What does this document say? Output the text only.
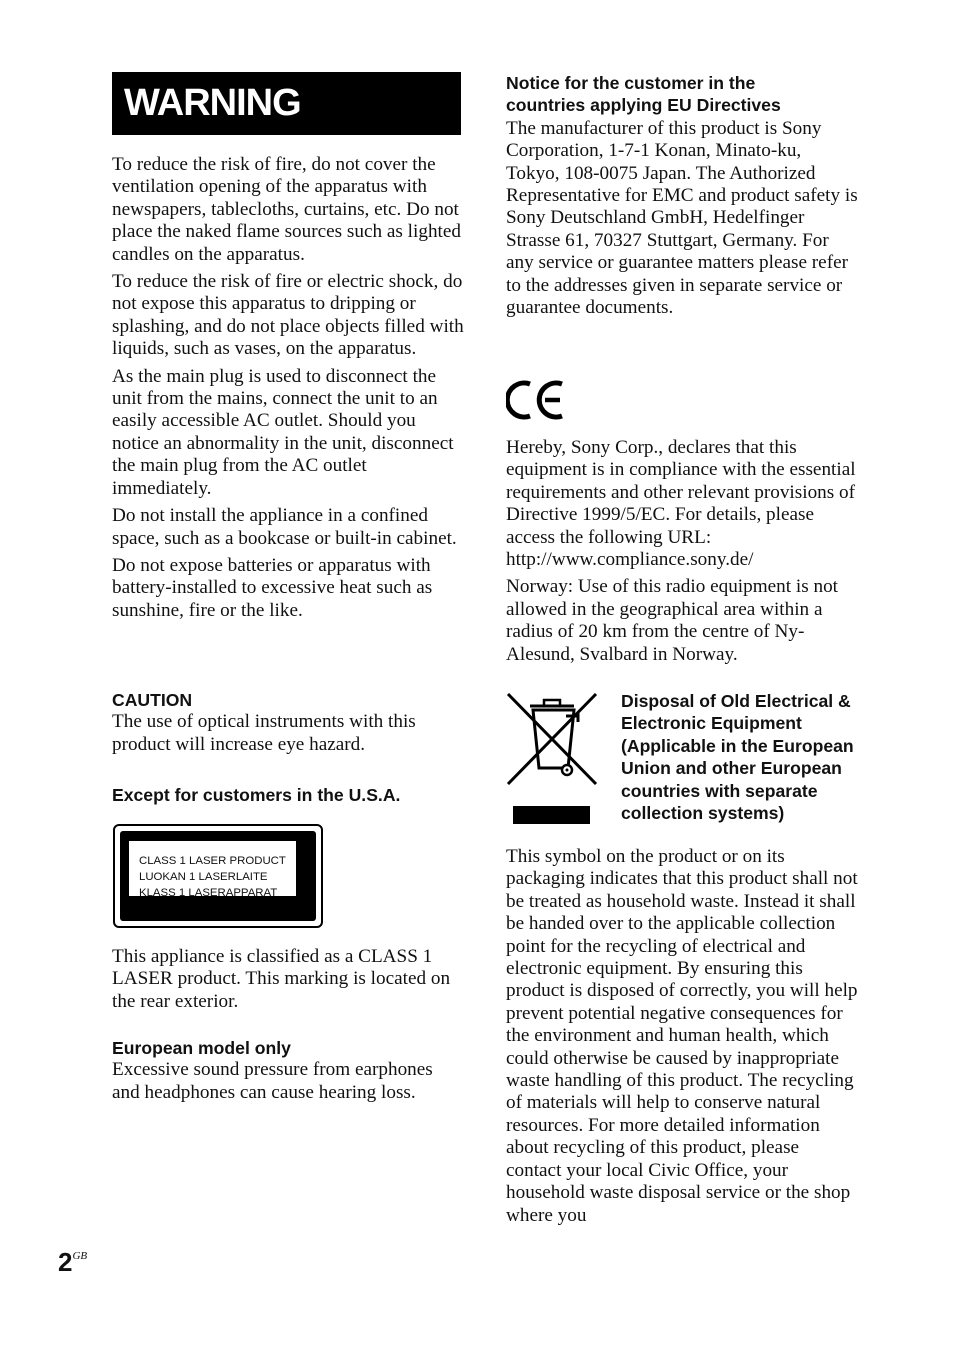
WARNING

To reduce the risk of fire, do not cover the ventilation opening of the apparatus with newspapers, tablecloths, curtains, etc. Do not place the naked flame sources such as lighted candles on the apparatus.

To reduce the risk of fire or electric shock, do not expose this apparatus to dripping or splashing, and do not place objects filled with liquids, such as vases, on the apparatus.

As the main plug is used to disconnect the unit from the mains, connect the unit to an easily accessible AC outlet. Should you notice an abnormality in the unit, disconnect the main plug from the AC outlet immediately.

Do not install the appliance in a confined space, such as a bookcase or built-in cabinet.

Do not expose batteries or apparatus with battery-installed to excessive heat such as sunshine, fire or the like.

CAUTION

The use of optical instruments with this product will increase eye hazard.

Except for customers in the U.S.A.

CLASS 1 LASER PRODUCT
LUOKAN 1 LASERLAITE
KLASS 1 LASERAPPARAT

This appliance is classified as a CLASS 1 LASER product. This marking is located on the rear exterior.

European model only

Excessive sound pressure from earphones and headphones can cause hearing loss.

$2^{GB}$

Notice for the customer in the
countries applying EU Directives

The manufacturer of this product is Sony Corporation, 1-7-1 Konan, Minato-ku, Tokyo, 108-0075 Japan. The Authorized Representative for EMC and product safety is Sony Deutschland GmbH, Hedelfinger Strasse 61, 70327 Stuttgart, Germany. For any service or guarantee matters please refer to the addresses given in separate service or guarantee documents.

Hereby, Sony Corp., declares that this equipment is in compliance with the essential requirements and other relevant provisions of Directive 1999/5/EC. For details, please access the following URL: http://www.compliance.sony.de/

Norway: Use of this radio equipment is not allowed in the geographical area within a radius of 20 km from the centre of Ny-Alesund, Svalbard in Norway.

Disposal of Old Electrical & Electronic Equipment (Applicable in the European Union and other European countries with separate collection systems)

This symbol on the product or on its packaging indicates that this product shall not be treated as household waste. Instead it shall be handed over to the applicable collection point for the recycling of electrical and electronic equipment. By ensuring this product is disposed of correctly, you will help prevent potential negative consequences for the environment and human health, which could otherwise be caused by inappropriate waste handling of this product. The recycling of materials will help to conserve natural resources. For more detailed information about recycling of this product, please contact your local Civic Office, your household waste disposal service or the shop where you
